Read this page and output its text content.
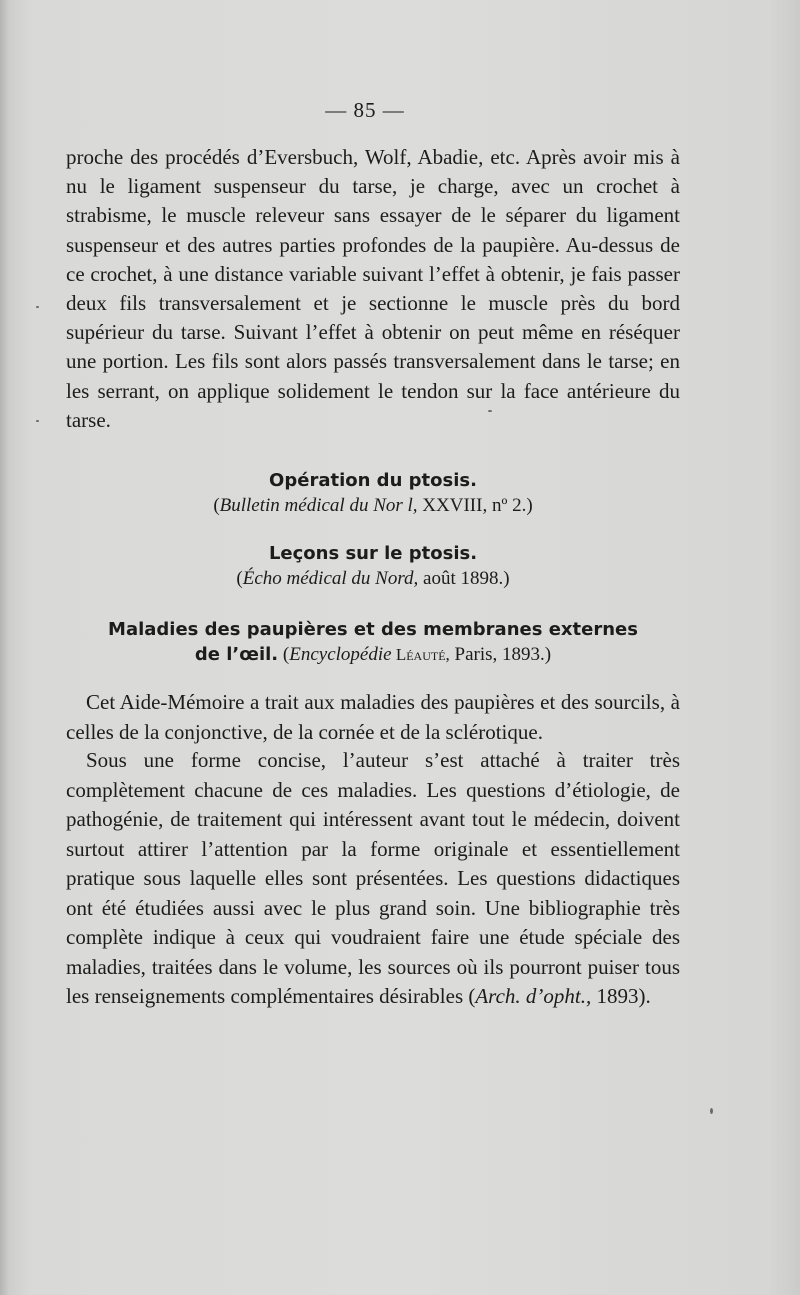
— 85 —

proche des procédés d’Eversbuch, Wolf, Abadie, etc. Après avoir mis à nu le ligament suspenseur du tarse, je charge, avec un crochet à strabisme, le muscle releveur sans essayer de le séparer du ligament suspenseur et des autres parties profondes de la paupière. Au-dessus de ce crochet, à une distance variable suivant l’effet à obtenir, je fais passer deux fils transversalement et je sectionne le muscle près du bord supérieur du tarse. Suivant l’effet à obtenir on peut même en réséquer une portion. Les fils sont alors passés transversalement dans le tarse; en les serrant, on applique solidement le tendon sur la face antérieure du tarse.

Opération du ptosis.

(Bulletin médical du Nor l, XXVIII, nº 2.)

Leçons sur le ptosis.

(Écho médical du Nord, août 1898.)

Maladies des paupières et des membranes externes

de l’œil. (Encyclopédie Léauté, Paris, 1893.)

Cet Aide-Mémoire a trait aux maladies des paupières et des sourcils, à celles de la conjonctive, de la cornée et de la sclérotique.

Sous une forme concise, l’auteur s’est attaché à traiter très complètement chacune de ces maladies. Les questions d’étiologie, de pathogénie, de traitement qui intéressent avant tout le médecin, doivent surtout attirer l’attention par la forme originale et essentiellement pratique sous laquelle elles sont présentées. Les questions didactiques ont été étudiées aussi avec le plus grand soin. Une bibliographie très complète indique à ceux qui voudraient faire une étude spéciale des maladies, traitées dans le volume, les sources où ils pourront puiser tous les renseignements complémentaires désirables (Arch. d’opht., 1893).
